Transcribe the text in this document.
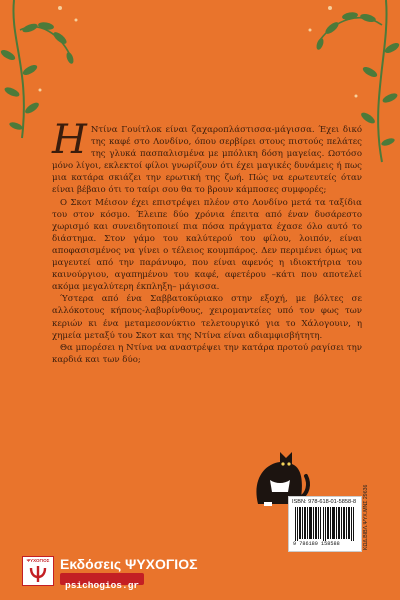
Η Ντίνα Γουίτλοκ είναι ζαχαροπλάστισσα-μάγισσα. Έχει δικό της καφέ στο Λονδίνο, όπου σερβίρει στους πιστούς πελάτες της γλυκά πασπαλισμένα με μπόλικη δόση μαγείας. Ωστόσο μόνο λίγοι, εκλεκτοί φίλοι γνωρίζουν ότι έχει μαγικές δυνάμεις ή πως μια κατάρα σκιάζει την ερωτική της ζωή. Πώς να ερωτευτείς όταν είναι βέβαιο ότι το ταίρι σου θα το βρουν κάμποσες συμφορές;

Ο Σκοτ Μέισον έχει επιστρέψει πλέον στο Λονδίνο μετά τα ταξίδια του στον κόσμο. Έλειπε δύο χρόνια έπειτα από έναν δυσάρεστο χωρισμό και συνειδητοποιεί πια πόσα πράγματα έχασε όλο αυτό το διάστημα. Στον γάμο του καλύτερού του φίλου, λοιπόν, είναι αποφασισμένος να γίνει ο τέλειος κουμπάρος. Δεν περιμένει όμως να μαγευτεί από την παράνυφο, που είναι αφενός η ιδιοκτήτρια του καινούργιου, αγαπημένου του καφέ, αφετέρου –κάτι που αποτελεί ακόμα μεγαλύτερη έκπληξη– μάγισσα.

Ύστερα από ένα Σαββατοκύριακο στην εξοχή, με βόλτες σε αλλόκοτους κήπους-λαβυρίνθους, χειρομαντείες υπό τον φως των κεριών κι ένα μεταμεσονύκτιο τελετουργικό για το Χάλογουιν, η χημεία μεταξύ του Σκοτ και της Ντίνα είναι αδιαμφισβήτητη.

Θα μπορέσει η Ντίνα να αναστρέψει την κατάρα προτού ραγίσει την καρδιά και των δύο;

ISBN: 978-618-01-5858-8
9 786180 158588	ΚΩΔ.ΒΙΒΛ.ΨΥΧ.ΜΝΣ 29636
ΨΥΧΟΓΙΟΣ Εκδόσεις ΨΥΧΟΓΙΟΣ
psichogios.gr
